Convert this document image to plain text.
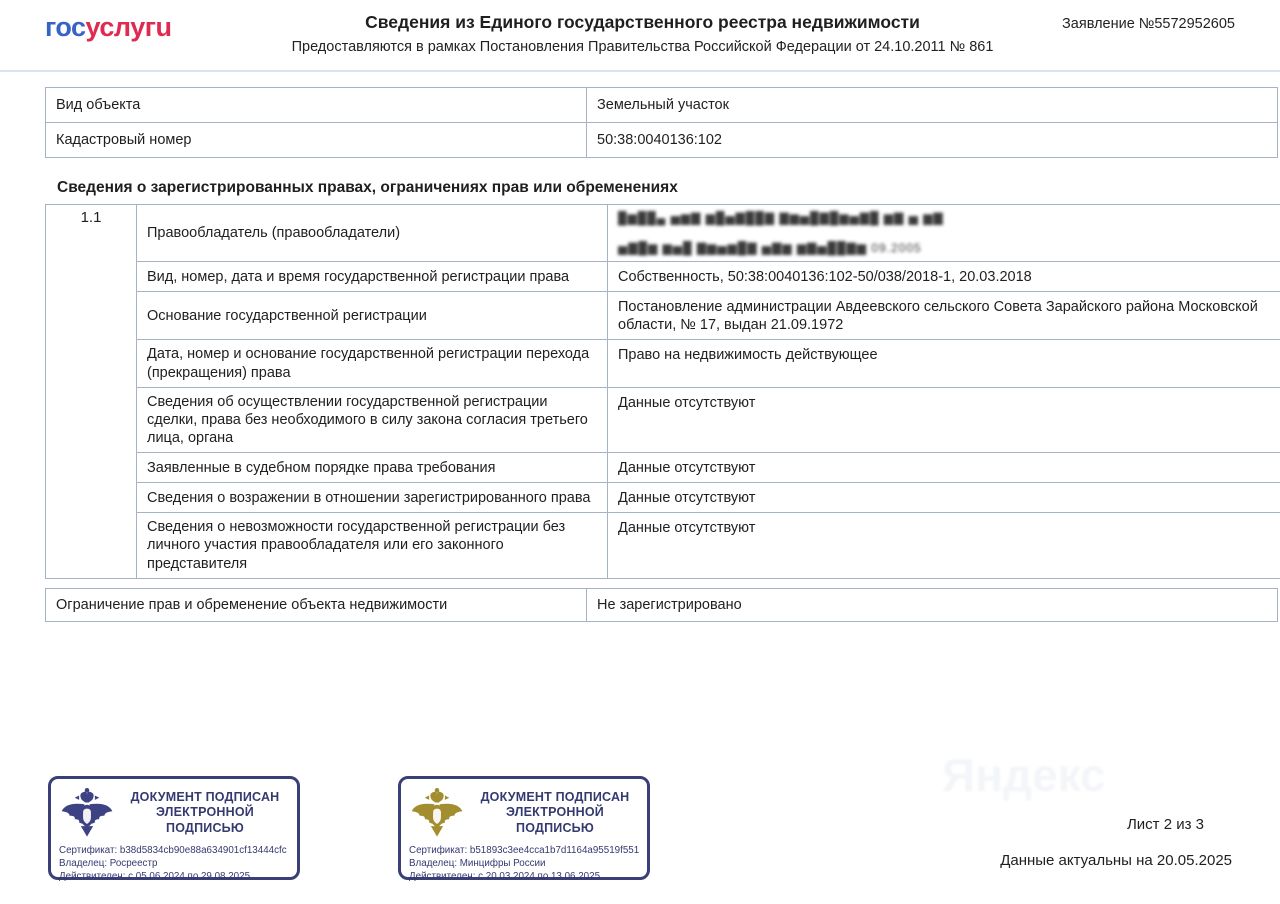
госуслугu	Сведения из Единого государственного реестра недвижимости
Предоставляются в рамках Постановления Правительства Российской Федерации от 24.10.2011 № 861
Заявление №5572952605
Вид объекта	Земельный участок
Кадастровый номер	50:38:0040136:102
Сведения о зарегистрированных правах, ограничениях прав или обременениях
1.1	Правообладатель (правообладатели)	█▆██▄ ▅▆▇ ▆█▅▇██▇ ▇▆▅█▇█▆▅▇█ ▆▇ ▅ ▆▇
▅▇█▆ ▆▅█ ▇▆▅▆█▇ ▅▇▆ ▆▇▅██▇▆ 09.2005

	Вид, номер, дата и время государственной регистрации права	Собственность, 50:38:0040136:102-50/038/2018-1, 20.03.2018
	Основание государственной регистрации	Постановление администрации Авдеевского сельского Совета Зарайского района Московской области, № 17, выдан 21.09.1972
	Дата, номер и основание государственной регистрации перехода (прекращения) права	Право на недвижимость действующее
	Сведения об осуществлении государственной регистрации сделки, права без необходимого в силу закона согласия третьего лица, органа	Данные отсутствуют
	Заявленные в судебном порядке права требования	Данные отсутствуют
	Сведения о возражении в отношении зарегистрированного права	Данные отсутствуют
	Сведения о невозможности государственной регистрации без личного участия правообладателя или его законного представителя	Данные отсутствуют
Ограничение прав и обременение объекта недвижимости	Не зарегистрировано
Яндекс
ДОКУМЕНТ ПОДПИСАН ЭЛЕКТРОННОЙ ПОДПИСЬЮ
Сертификат: b38d5834cb90e88a634901cf13444cfc
Владелец: Росреестр
Действителен: с 05.06.2024 по 29.08.2025
ДОКУМЕНТ ПОДПИСАН ЭЛЕКТРОННОЙ ПОДПИСЬЮ
Сертификат: b51893c3ee4cca1b7d1164a95519f551
Владелец: Минцифры России
Действителен: с 20.03.2024 по 13.06.2025
Лист 2 из 3
Данные актуальны на 20.05.2025
